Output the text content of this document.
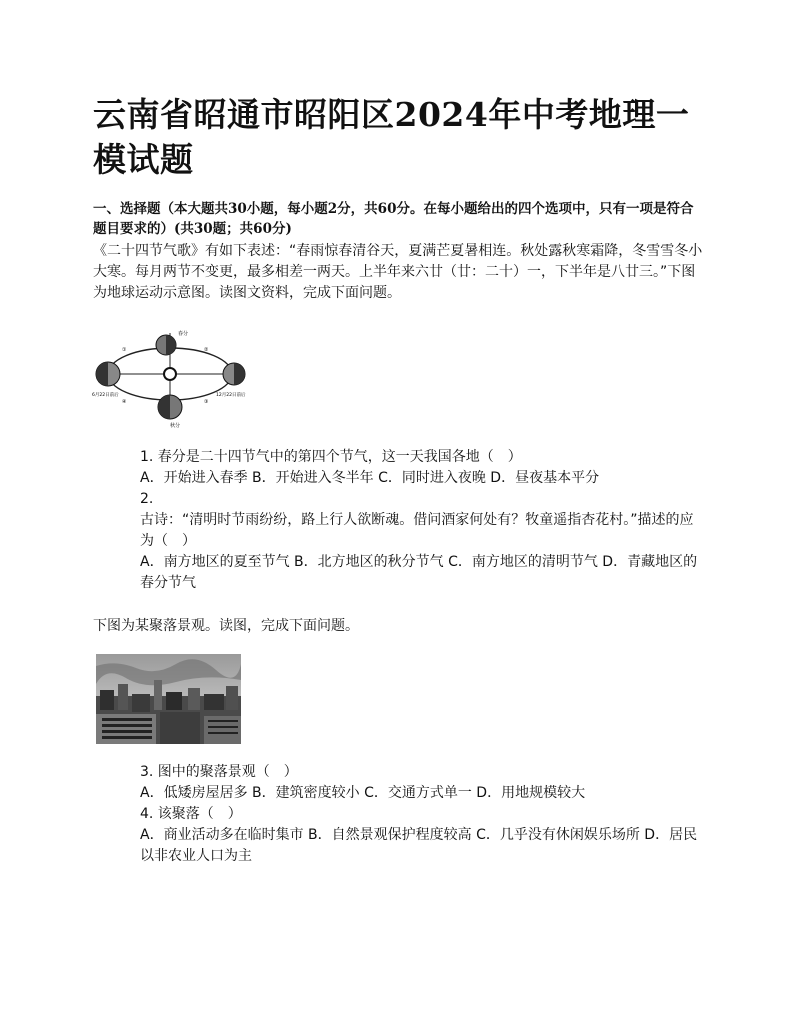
云南省昭通市昭阳区2024年中考地理一模试题
一、选择题（本大题共30小题，每小题2分，共60分。在每小题给出的四个选项中，只有一项是符合题目要求的）(共30题；共60分)
《二十四节气歌》有如下表述：“春雨惊春清谷天，夏满芒夏暑相连。秋处露秋寒霜降，冬雪雪冬小大寒。每月两节不变更，最多相差一两天。上半年来六廿（廿：二十）一，下半年是八廿三。”下图为地球运动示意图。读图文资料，完成下面问题。
春分
6月22日前后	12月22日前后
秋分
①	②
③
④
1. 春分是二十四节气中的第四个节气，这一天我国各地（　）
A．开始进入春季 B．开始进入冬半年 C．同时进入夜晚 D．昼夜基本平分
2.
古诗：“清明时节雨纷纷，路上行人欲断魂。借问酒家何处有？牧童遥指杏花村。”描述的应为（　）
A．南方地区的夏至节气 B．北方地区的秋分节气 C．南方地区的清明节气 D．青藏地区的春分节气
下图为某聚落景观。读图，完成下面问题。
3. 图中的聚落景观（　）
A．低矮房屋居多 B．建筑密度较小 C．交通方式单一 D．用地规模较大
4. 该聚落（　）
A．商业活动多在临时集市 B．自然景观保护程度较高 C．几乎没有休闲娱乐场所 D．居民以非农业人口为主
